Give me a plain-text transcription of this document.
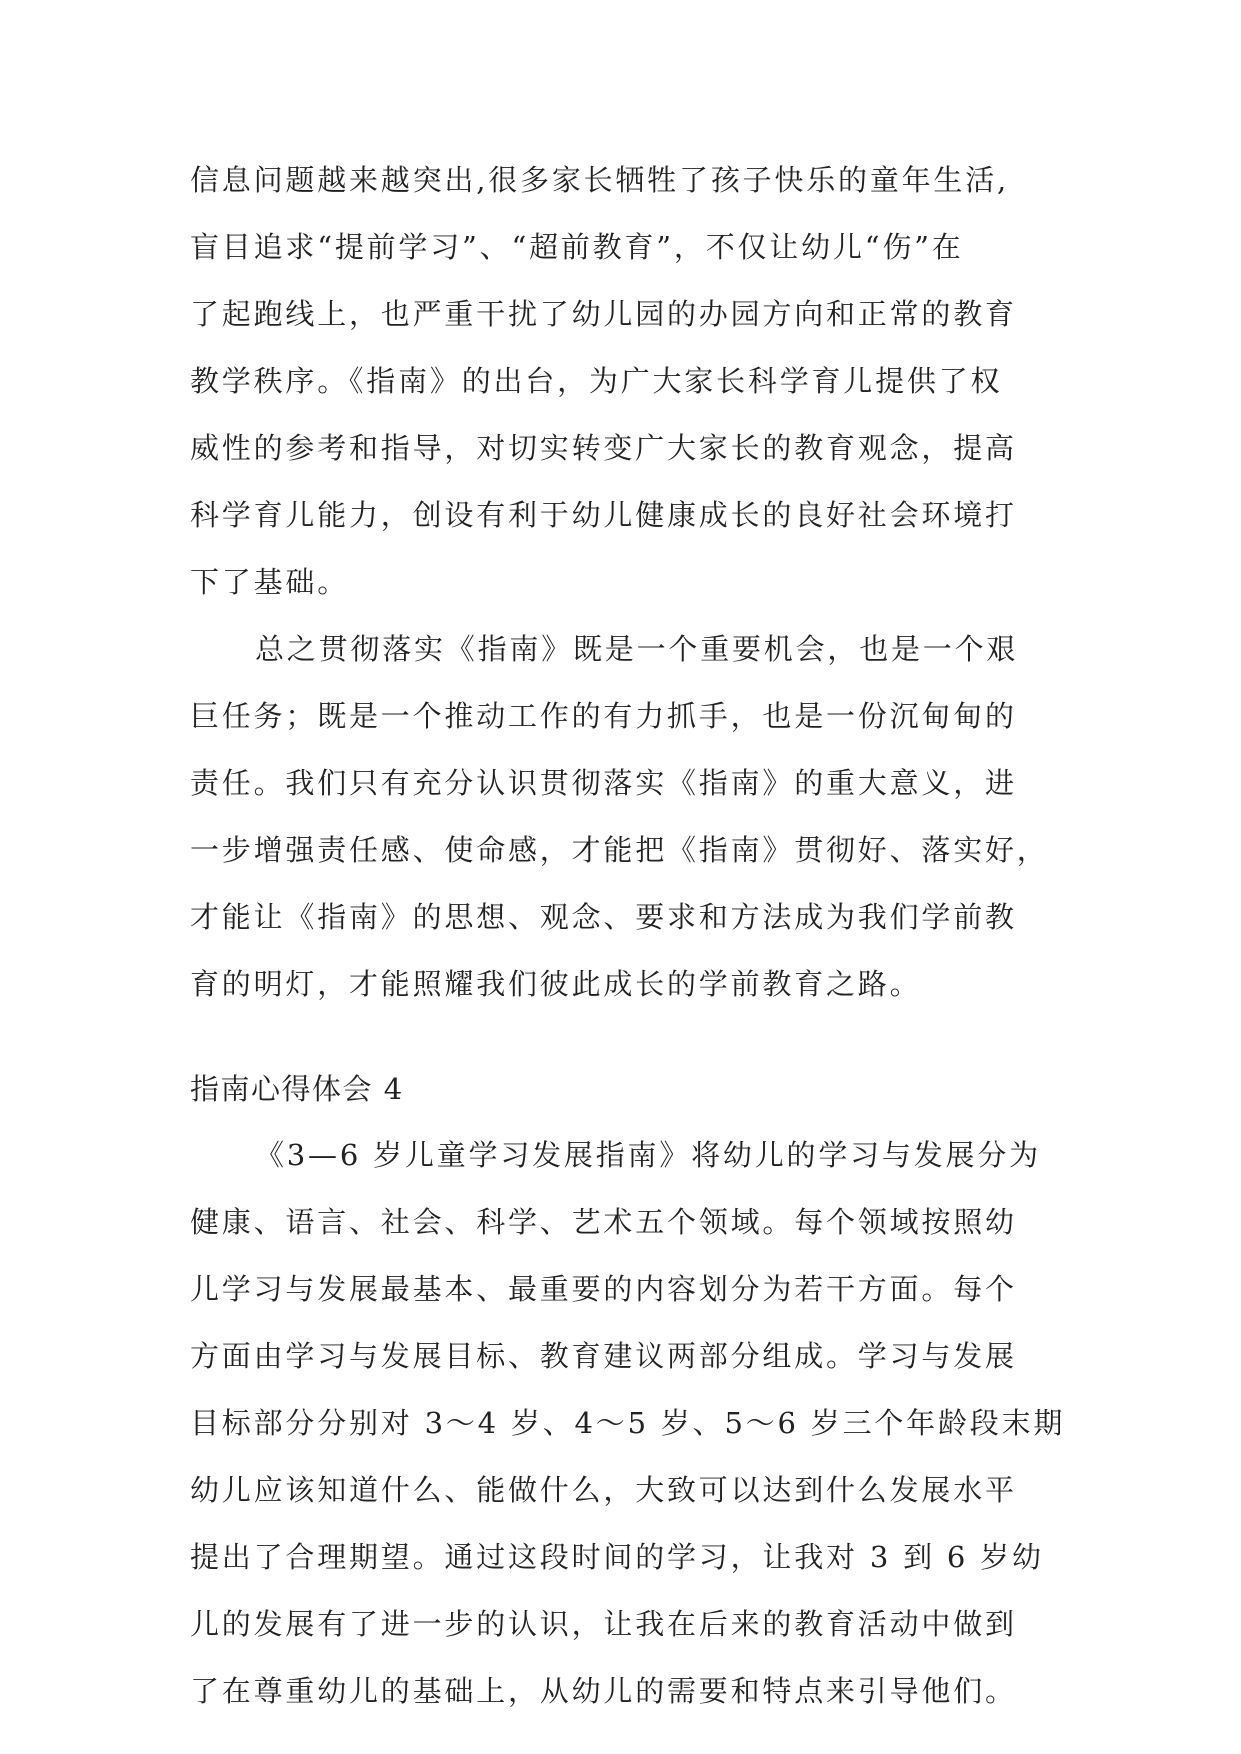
信息问题越来越突出,很多家长牺牲了孩子快乐的童年生活,
盲目追求“提前学习”、“超前教育”，不仅让幼儿“伤”在
了起跑线上，也严重干扰了幼儿园的办园方向和正常的教育
教学秩序。《指南》的出台，为广大家长科学育儿提供了权
威性的参考和指导，对切实转变广大家长的教育观念，提高
科学育儿能力，创设有利于幼儿健康成长的良好社会环境打
下了基础。
总之贯彻落实《指南》既是一个重要机会，也是一个艰
巨任务；既是一个推动工作的有力抓手，也是一份沉甸甸的
责任。我们只有充分认识贯彻落实《指南》的重大意义，进
一步增强责任感、使命感，才能把《指南》贯彻好、落实好，
才能让《指南》的思想、观念、要求和方法成为我们学前教
育的明灯，才能照耀我们彼此成长的学前教育之路。
指南心得体会 4
《3—6 岁儿童学习发展指南》将幼儿的学习与发展分为
健康、语言、社会、科学、艺术五个领域。每个领域按照幼
儿学习与发展最基本、最重要的内容划分为若干方面。每个
方面由学习与发展目标、教育建议两部分组成。学习与发展
目标部分分别对 3～4 岁、4～5 岁、5～6 岁三个年龄段末期
幼儿应该知道什么、能做什么，大致可以达到什么发展水平
提出了合理期望。通过这段时间的学习，让我对 3 到 6 岁幼
儿的发展有了进一步的认识，让我在后来的教育活动中做到
了在尊重幼儿的基础上，从幼儿的需要和特点来引导他们。
